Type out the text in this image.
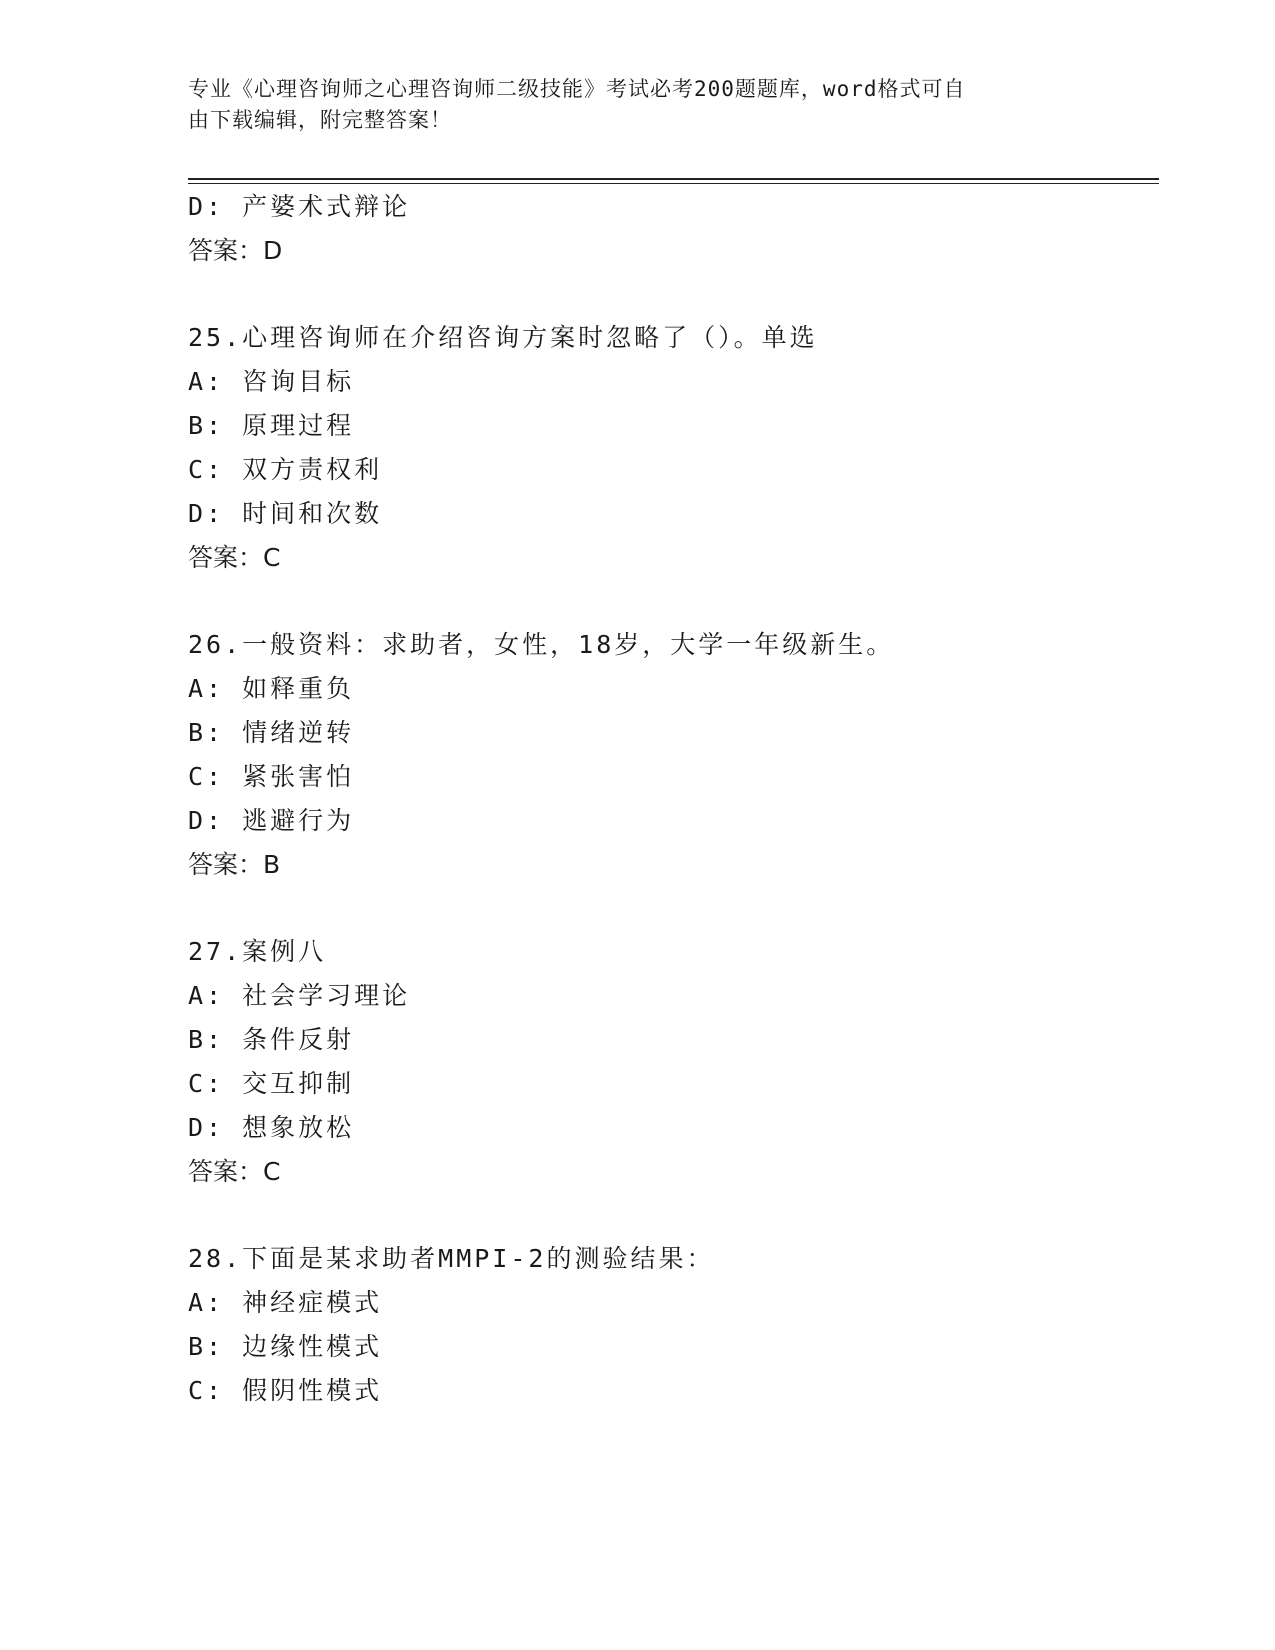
专业《心理咨询师之心理咨询师二级技能》考试必考200题题库，word格式可自
由下载编辑，附完整答案！
D: 产婆术式辩论
答案：D
25.心理咨询师在介绍咨询方案时忽略了（）。单选
A: 咨询目标
B: 原理过程
C: 双方责权利
D: 时间和次数
答案：C
26.一般资料：求助者，女性，18岁，大学一年级新生。
A: 如释重负
B: 情绪逆转
C: 紧张害怕
D: 逃避行为
答案：B
27.案例八
A: 社会学习理论
B: 条件反射
C: 交互抑制
D: 想象放松
答案：C
28.下面是某求助者MMPI-2的测验结果：
A: 神经症模式
B: 边缘性模式
C: 假阴性模式
